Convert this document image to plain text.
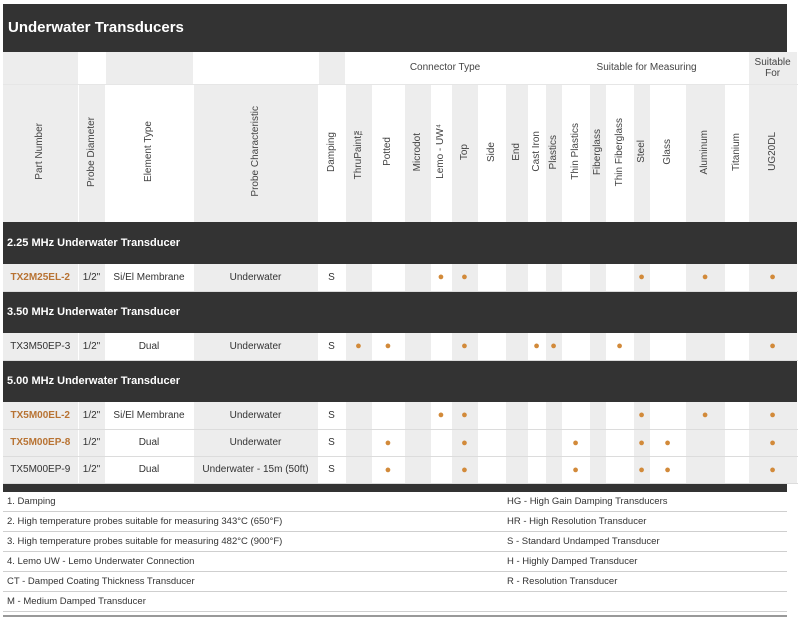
Underwater Transducers
					Connector Type								Suitable for Measuring								Suitable For
Part Number	Probe Diameter	Element Type	Probe Characteristic	Damping	ThruPaint™	Potted	Microdot	Lemo - UW⁴	Top	Side	End	Cast Iron	Plastics	Thin Plastics	Fiberglass	Thin Fiberglass	Steel	Glass	Aluminum	Titanium	UG20DL
2.25 MHz Underwater Transducer																					
TX2M25EL-2	1/2"	Si/El Membrane	Underwater	S				●	●								●		●		●
3.50 MHz Underwater Transducer																					
TX3M50EP-3	1/2"	Dual	Underwater	S	●	●			●			●	●			●					●
5.00 MHz Underwater Transducer																					
TX5M00EL-2	1/2"	Si/El Membrane	Underwater	S				●	●								●		●		●
TX5M00EP-8	1/2"	Dual	Underwater	S		●			●					●			●	●			●
TX5M00EP-9	1/2"	Dual	Underwater - 15m (50ft)	S		●			●					●			●	●			●
1. Damping	HG - High Gain Damping Transducers
2. High temperature probes suitable for measuring 343°C (650°F)	HR - High Resolution Transducer
3. High temperature probes suitable for measuring 482°C (900°F)	S - Standard Undamped Transducer
4. Lemo UW - Lemo Underwater Connection	H - Highly Damped Transducer
CT - Damped Coating Thickness Transducer	R - Resolution Transducer
M - Medium Damped Transducer
